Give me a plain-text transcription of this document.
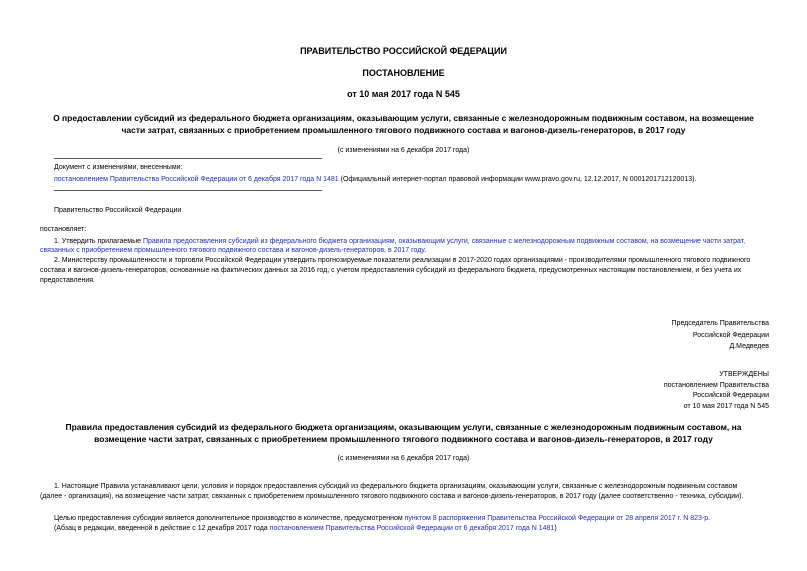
ПРАВИТЕЛЬСТВО РОССИЙСКОЙ ФЕДЕРАЦИИ
ПОСТАНОВЛЕНИЕ
от 10 мая 2017 года N 545
О предоставлении субсидий из федерального бюджета организациям, оказывающим услуги, связанные с железнодорожным подвижным составом, на возмещение
части затрат, связанных с приобретением промышленного тягового подвижного состава и вагонов-дизель-генераторов, в 2017 году
(с изменениями на 6 декабря 2017 года)
Документ с изменениями, внесенными:
постановлением Правительства Российской Федерации от 6 декабря 2017 года N 1481 (Официальный интернет-портал правовой информации www.pravo.gov.ru, 12.12.2017, N 0001201712120013).
Правительство Российской Федерации
постановляет:
1. Утвердить прилагаемые Правила предоставления субсидий из федерального бюджета организациям, оказывающим услуги, связанные с железнодорожным подвижным составом, на возмещение части затрат,
связанных с приобретением промышленного тягового подвижного состава и вагонов-дизель-генераторов, в 2017 году.
2. Министерству промышленности и торговли Российской Федерации утвердить прогнозируемые показатели реализации в 2017-2020 годах организациями - производителями промышленного тягового подвижного
состава и вагонов-дизель-генераторов, основанные на фактических данных за 2016 год, с учетом предоставления субсидий из федерального бюджета, предусмотренных настоящим постановлением, и без учета их
предоставления.
Председатель Правительства
Российской Федерации
Д.Медведев
УТВЕРЖДЕНЫ
постановлением Правительства
Российской Федерации
от 10 мая 2017 года N 545
Правила предоставления субсидий из федерального бюджета организациям, оказывающим услуги, связанные с железнодорожным подвижным составом, на
возмещение части затрат, связанных с приобретением промышленного тягового подвижного состава и вагонов-дизель-генераторов, в 2017 году
(с изменениями на 6 декабря 2017 года)
1. Настоящие Правила устанавливают цели, условия и порядок предоставления субсидий из федерального бюджета организациям, оказывающим услуги, связанные с железнодорожным подвижным составом
(далее - организация), на возмещение части затрат, связанных с приобретением промышленного тягового подвижного состава и вагонов-дизель-генераторов, в 2017 году (далее соответственно - техника, субсидии).
Целью предоставления субсидии является дополнительное производство в количестве, предусмотренном пунктом 8 распоряжения Правительства Российской Федерации от 28 апреля 2017 г. N 823-р.
(Абзац в редакции, введенной в действие с 12 декабря 2017 года постановлением Правительства Российской Федерации от 6 декабря 2017 года N 1481)
